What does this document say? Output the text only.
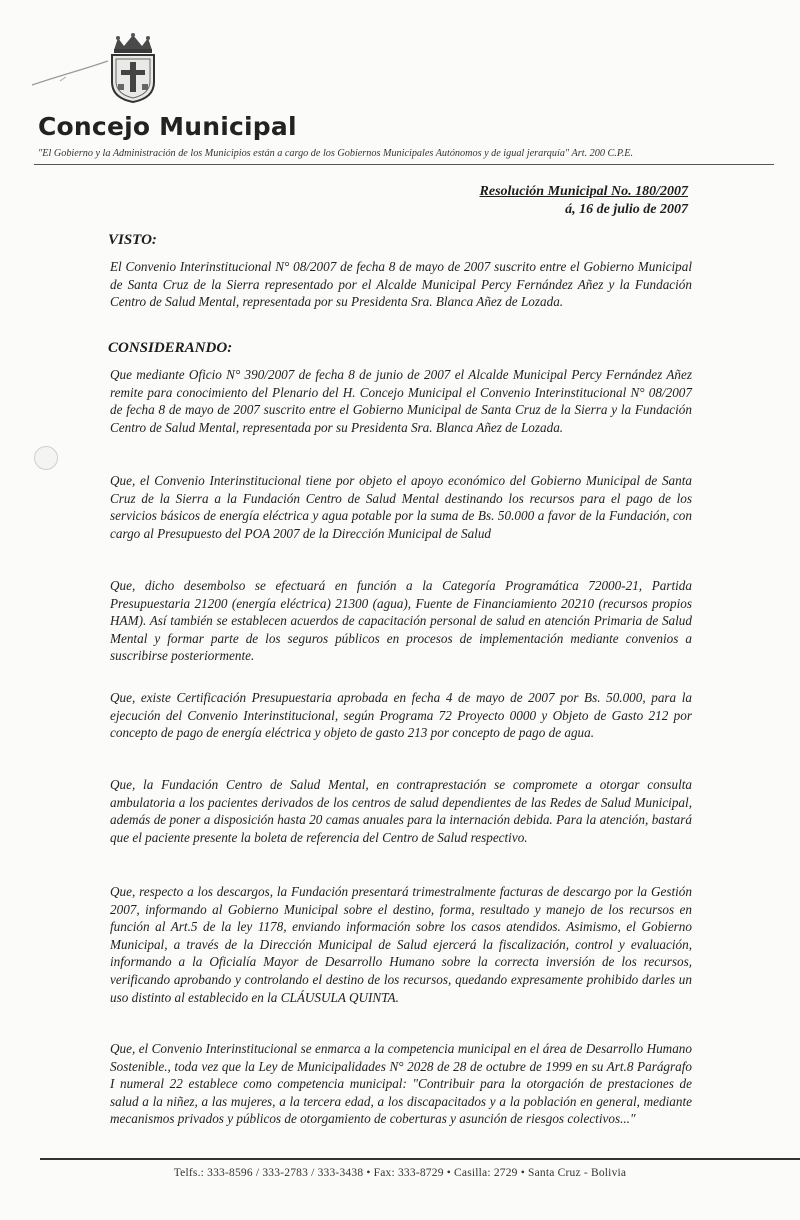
Concejo Municipal
"El Gobierno y la Administración de los Municipios están a cargo de los Gobiernos Municipales Autónomos y de igual jerarquía" Art. 200 C.P.E.
Resolución Municipal No. 180/2007
á, 16 de julio de 2007
VISTO:
El Convenio Interinstitucional N° 08/2007 de fecha 8 de mayo de 2007 suscrito entre el Gobierno Municipal de Santa Cruz de la Sierra representado por el Alcalde Municipal Percy Fernández Añez y la Fundación Centro de Salud Mental, representada por su Presidenta Sra. Blanca Añez de Lozada.
CONSIDERANDO:
Que mediante Oficio N° 390/2007 de fecha 8 de junio de 2007 el Alcalde Municipal Percy Fernández Añez remite para conocimiento del Plenario del H. Concejo Municipal el Convenio Interinstitucional N° 08/2007 de fecha 8 de mayo de 2007 suscrito entre el Gobierno Municipal de Santa Cruz de la Sierra y la Fundación Centro de Salud Mental, representada por su Presidenta Sra. Blanca Añez de Lozada.
Que, el Convenio Interinstitucional tiene por objeto el apoyo económico del Gobierno Municipal de Santa Cruz de la Sierra a la Fundación Centro de Salud Mental destinando los recursos para el pago de los servicios básicos de energía eléctrica y agua potable por la suma de Bs. 50.000 a favor de la Fundación, con cargo al Presupuesto del POA 2007 de la Dirección Municipal de Salud
Que, dicho desembolso se efectuará en función a la Categoría Programática 72000-21, Partida Presupuestaria 21200 (energía eléctrica) 21300 (agua), Fuente de Financiamiento 20210 (recursos propios HAM). Así también se establecen acuerdos de capacitación personal de salud en atención Primaria de Salud Mental y formar parte de los seguros públicos en procesos de implementación mediante convenios a suscribirse posteriormente.
Que, existe Certificación Presupuestaria aprobada en fecha 4 de mayo de 2007 por Bs. 50.000, para la ejecución del Convenio Interinstitucional, según Programa 72 Proyecto 0000 y Objeto de Gasto 212 por concepto de pago de energía eléctrica y objeto de gasto 213 por concepto de pago de agua.
Que, la Fundación Centro de Salud Mental, en contraprestación se compromete a otorgar consulta ambulatoria a los pacientes derivados de los centros de salud dependientes de las Redes de Salud Municipal, además de poner a disposición hasta 20 camas anuales para la internación debida. Para la atención, bastará que el paciente presente la boleta de referencia del Centro de Salud respectivo.
Que, respecto a los descargos, la Fundación presentará trimestralmente facturas de descargo por la Gestión 2007, informando al Gobierno Municipal sobre el destino, forma, resultado y manejo de los recursos en función al Art.5 de la ley 1178, enviando información sobre los casos atendidos. Asimismo, el Gobierno Municipal, a través de la Dirección Municipal de Salud ejercerá la fiscalización, control y evaluación, informando a la Oficialía Mayor de Desarrollo Humano sobre la correcta inversión de los recursos, verificando aprobando y controlando el destino de los recursos, quedando expresamente prohibido darles un uso distinto al establecido en la CLÁUSULA QUINTA.
Que, el Convenio Interinstitucional se enmarca a la competencia municipal en el área de Desarrollo Humano Sostenible., toda vez que la Ley de Municipalidades N° 2028 de 28 de octubre de 1999 en su Art.8 Parágrafo I numeral 22 establece como competencia municipal: "Contribuir para la otorgación de prestaciones de salud a la niñez, a las mujeres, a la tercera edad, a los discapacitados y a la población en general, mediante mecanismos privados y públicos de otorgamiento de coberturas y asunción de riesgos colectivos..."
Telfs.: 333-8596 / 333-2783 / 333-3438 • Fax: 333-8729 • Casilla: 2729 • Santa Cruz - Bolivia
